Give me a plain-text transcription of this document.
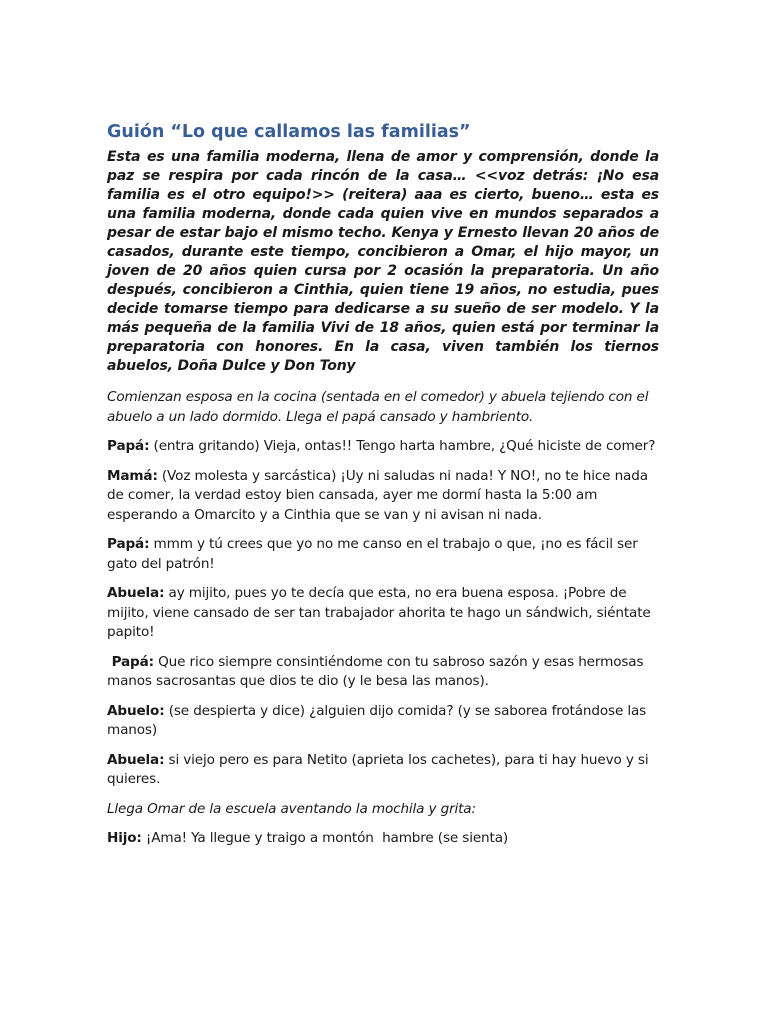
Guión “Lo que callamos las familias”

Esta es una familia moderna, llena de amor y comprensión, donde la paz se respira por cada rincón de la casa… <<voz detrás: ¡No esa familia es el otro equipo!>> (reitera) aaa es cierto, bueno… esta es una familia moderna, donde cada quien vive en mundos separados a pesar de estar bajo el mismo techo. Kenya y Ernesto llevan 20 años de casados, durante este tiempo, concibieron a Omar, el hijo mayor, un joven de 20 años quien cursa por 2 ocasión la preparatoria. Un año después, concibieron a Cinthia, quien tiene 19 años, no estudia, pues decide tomarse tiempo para dedicarse a su sueño de ser modelo. Y la más pequeña de la familia Vivi de 18 años, quien está por terminar la preparatoria con honores. En la casa, viven también los tiernos abuelos, Doña Dulce y Don Tony

Comienzan esposa en la cocina (sentada en el comedor) y abuela tejiendo con el abuelo a un lado dormido. Llega el papá cansado y hambriento.

Papá: (entra gritando) Vieja, ontas!! Tengo harta hambre, ¿Qué hiciste de comer?

Mamá: (Voz molesta y sarcástica) ¡Uy ni saludas ni nada! Y NO!, no te hice nada de comer, la verdad estoy bien cansada, ayer me dormí hasta la 5:00 am esperando a Omarcito y a Cinthia que se van y ni avisan ni nada.

Papá: mmm y tú crees que yo no me canso en el trabajo o que, ¡no es fácil ser gato del patrón!

Abuela: ay mijito, pues yo te decía que esta, no era buena esposa. ¡Pobre de mijito, viene cansado de ser tan trabajador ahorita te hago un sándwich, siéntate papito!

Papá: Que rico siempre consintiéndome con tu sabroso sazón y esas hermosas manos sacrosantas que dios te dio (y le besa las manos).

Abuelo: (se despierta y dice) ¿alguien dijo comida? (y se saborea frotándose las manos)

Abuela: si viejo pero es para Netito (aprieta los cachetes), para ti hay huevo y si quieres.

Llega Omar de la escuela aventando la mochila y grita:

Hijo: ¡Ama! Ya llegue y traigo a montón  hambre (se sienta)
